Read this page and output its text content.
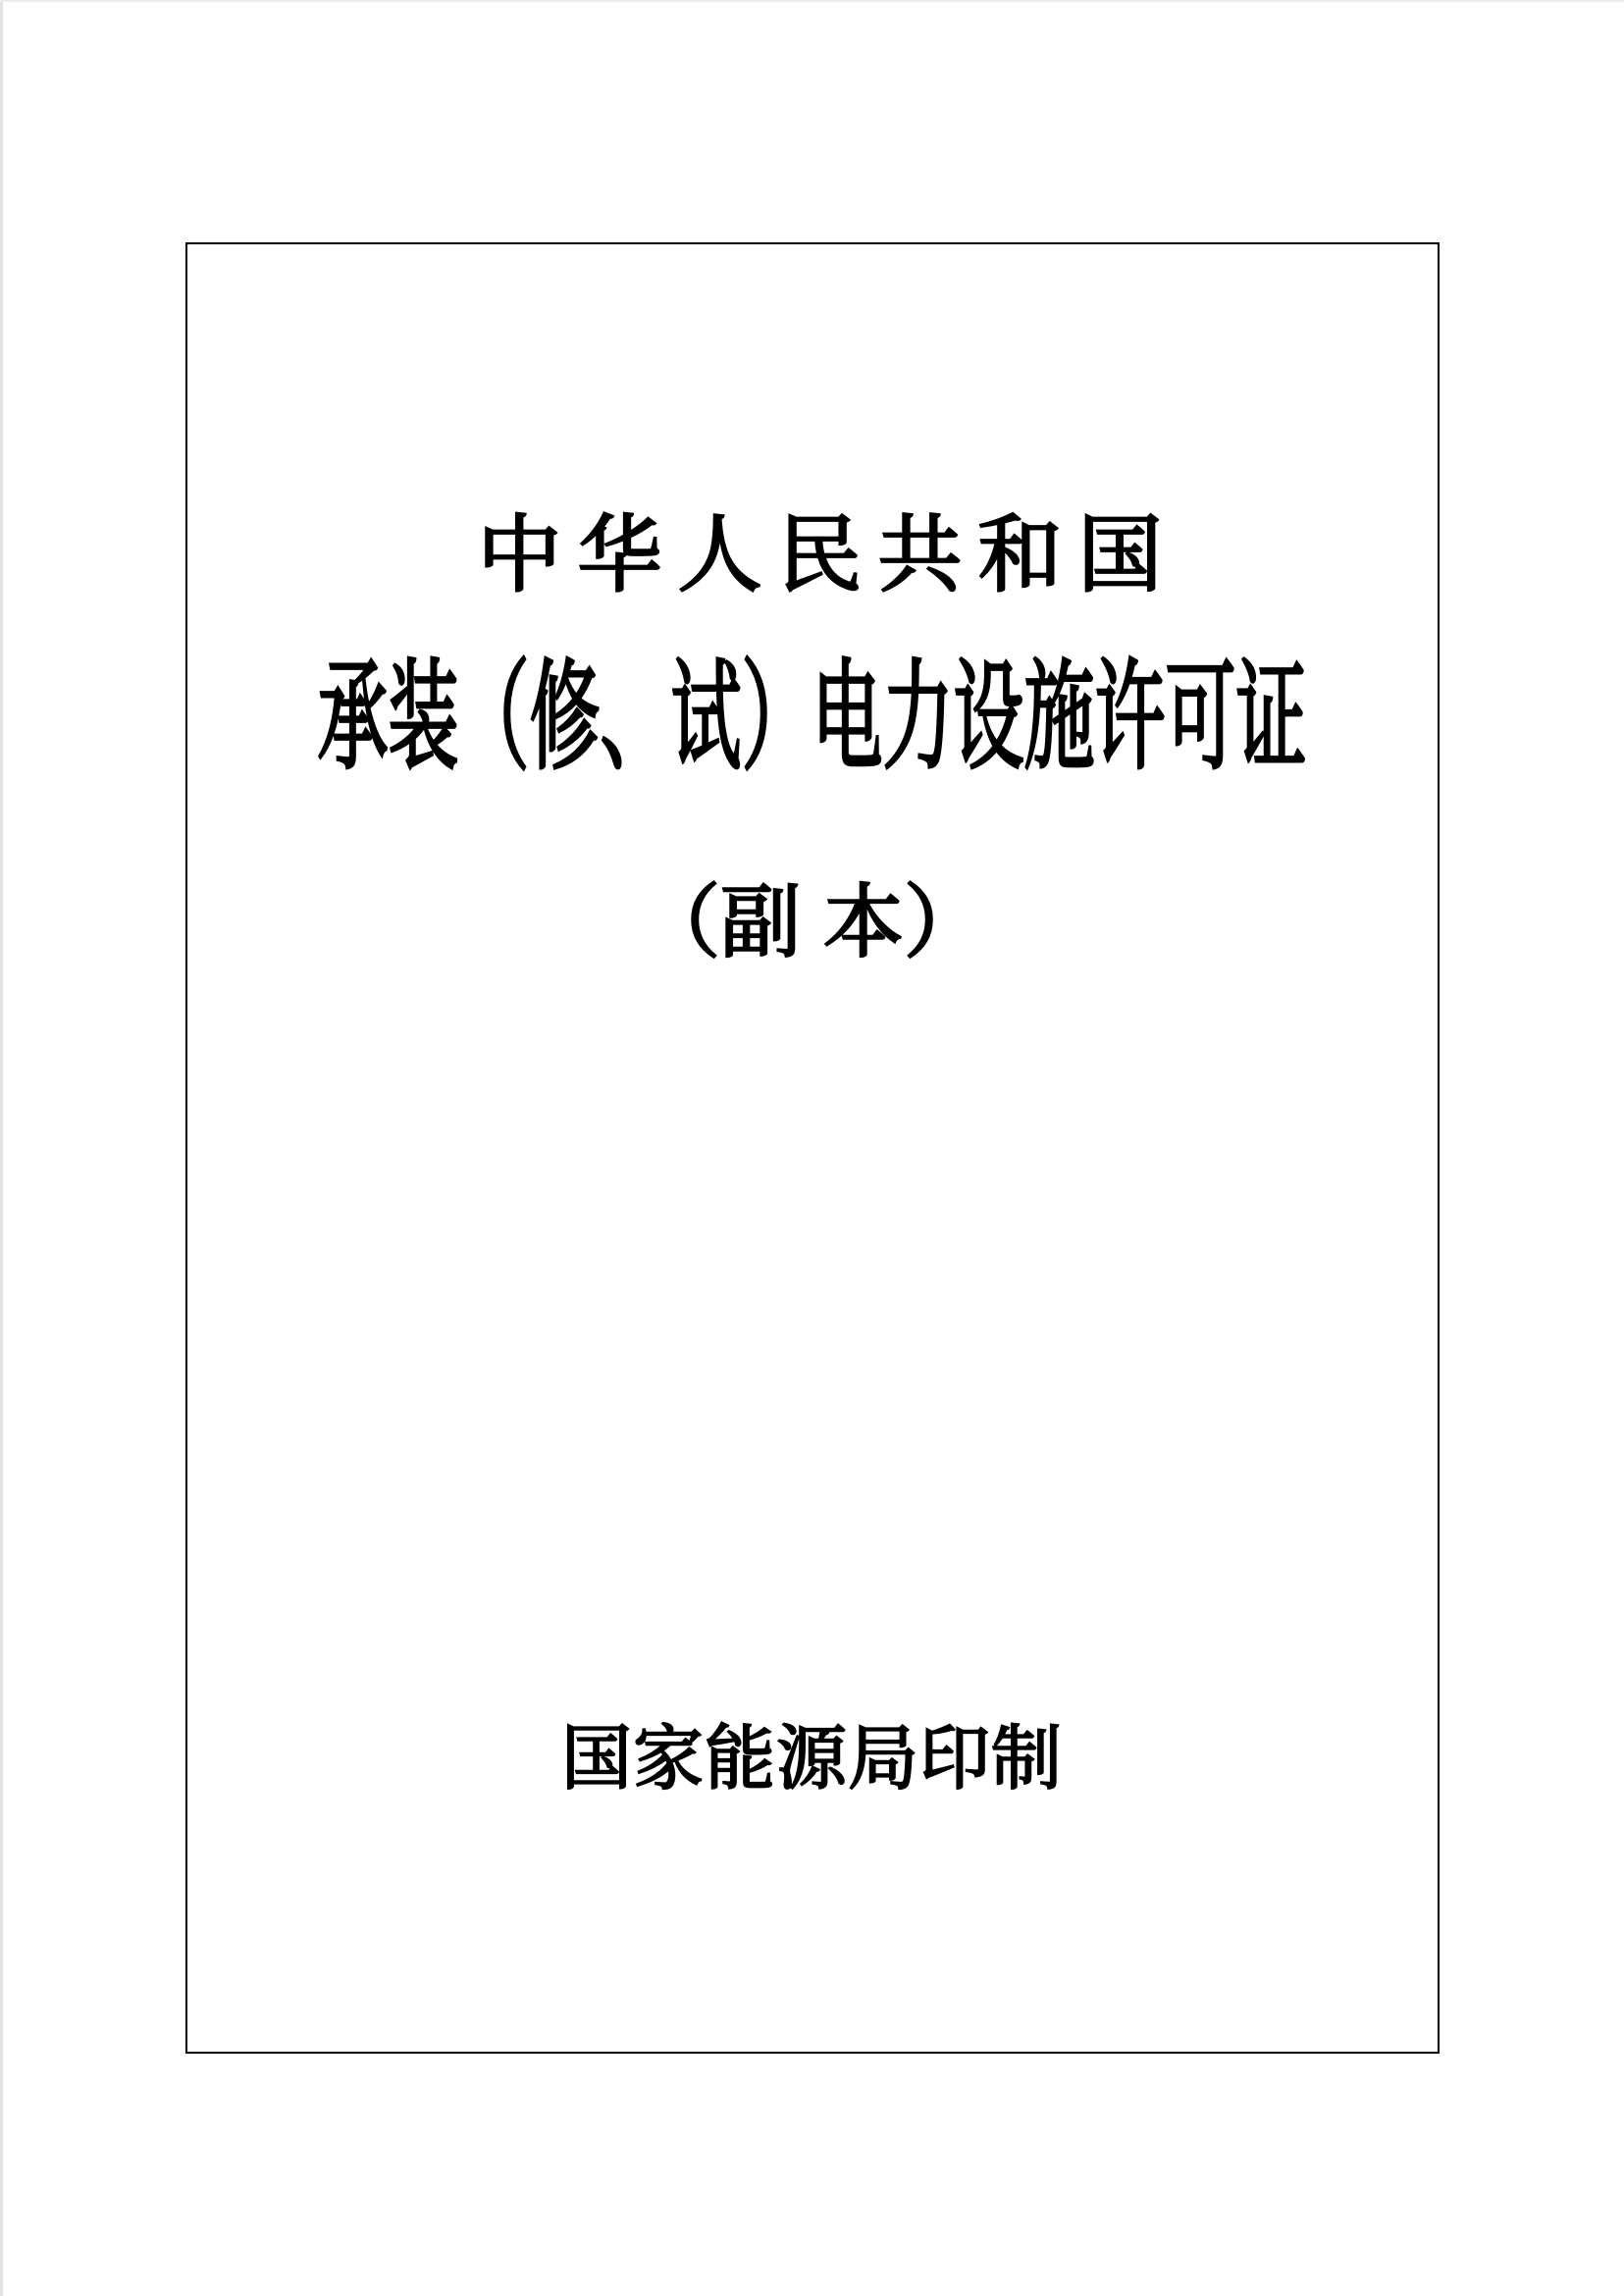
中华人民共和国
承装（修、试）电力设施许可证
（副 本）
国家能源局印制
